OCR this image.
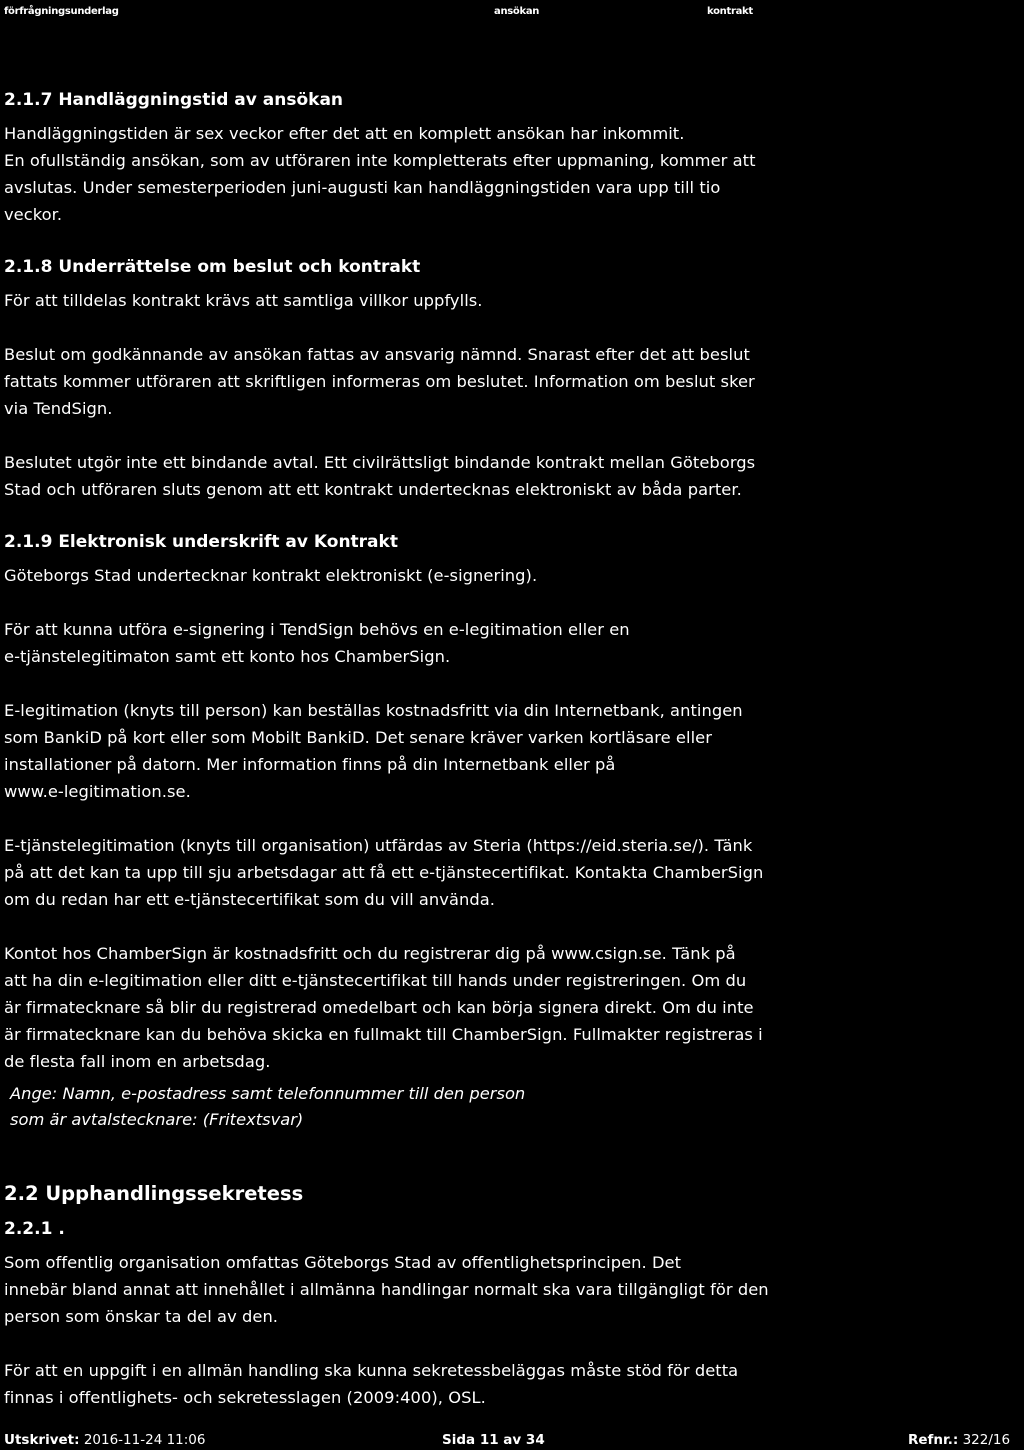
förfrågningsunderlag	ansökan	kontrakt
2.1.7 Handläggningstid av ansökan

Handläggningstiden är sex veckor efter det att en komplett ansökan har inkommit.
En ofullständig ansökan, som av utföraren inte kompletterats efter uppmaning, kommer att
avslutas. Under semesterperioden juni-augusti kan handläggningstiden vara upp till tio
veckor.

2.1.8 Underrättelse om beslut och kontrakt

För att tilldelas kontrakt krävs att samtliga villkor uppfylls.

Beslut om godkännande av ansökan fattas av ansvarig nämnd. Snarast efter det att beslut
fattats kommer utföraren att skriftligen informeras om beslutet. Information om beslut sker
via TendSign.

Beslutet utgör inte ett bindande avtal. Ett civilrättsligt bindande kontrakt mellan Göteborgs
Stad och utföraren sluts genom att ett kontrakt undertecknas elektroniskt av båda parter.

2.1.9 Elektronisk underskrift av Kontrakt

Göteborgs Stad undertecknar kontrakt elektroniskt (e-signering).

För att kunna utföra e-signering i TendSign behövs en e-legitimation eller en
e-tjänstelegitimaton samt ett konto hos ChamberSign.

E-legitimation (knyts till person) kan beställas kostnadsfritt via din Internetbank, antingen
som BankiD på kort eller som Mobilt BankiD. Det senare kräver varken kortläsare eller
installationer på datorn. Mer information finns på din Internetbank eller på
www.e-legitimation.se.

E-tjänstelegitimation (knyts till organisation) utfärdas av Steria (https://eid.steria.se/). Tänk
på att det kan ta upp till sju arbetsdagar att få ett e-tjänstecertifikat. Kontakta ChamberSign
om du redan har ett e-tjänstecertifikat som du vill använda.

Kontot hos ChamberSign är kostnadsfritt och du registrerar dig på www.csign.se. Tänk på
att ha din e-legitimation eller ditt e-tjänstecertifikat till hands under registreringen. Om du
är firmatecknare så blir du registrerad omedelbart och kan börja signera direkt. Om du inte
är firmatecknare kan du behöva skicka en fullmakt till ChamberSign. Fullmakter registreras i
de flesta fall inom en arbetsdag.

Ange: Namn, e-postadress samt telefonnummer till den person
som är avtalstecknare: (Fritextsvar)
2.2 Upphandlingssekretess
2.2.1 .

Som offentlig organisation omfattas Göteborgs Stad av offentlighetsprincipen. Det
innebär bland annat att innehållet i allmänna handlingar normalt ska vara tillgängligt för den
person som önskar ta del av den.

För att en uppgift i en allmän handling ska kunna sekretessbeläggas måste stöd för detta
finnas i offentlighets- och sekretesslagen (2009:400), OSL.

Utskrivet: 2016-11-24 11:06	Sida 11 av 34	Refnr.: 322/16
